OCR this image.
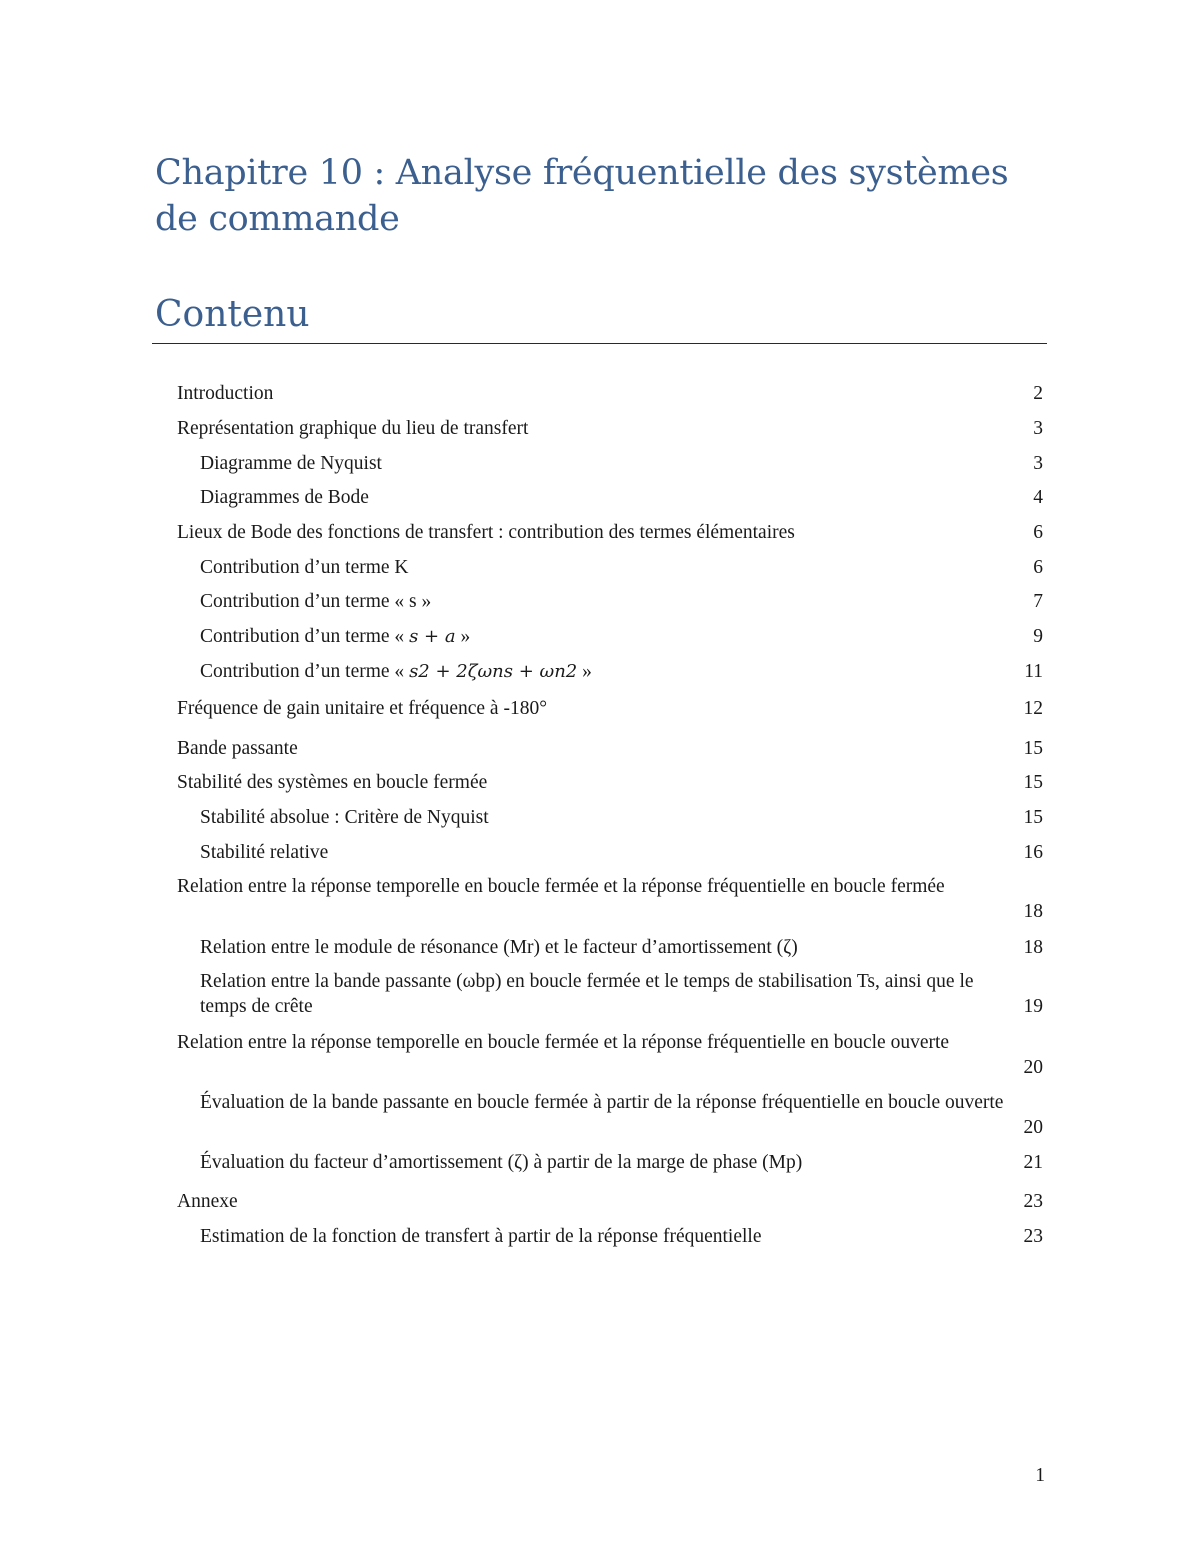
Chapitre 10 : Analyse fréquentielle des systèmes de commande
Contenu
Introduction	2
Représentation graphique du lieu de transfert	3
Diagramme de Nyquist	3
Diagrammes de Bode	4
Lieux de Bode des fonctions de transfert : contribution des termes élémentaires	6
Contribution d’un terme K	6
Contribution d’un terme « s »	7
Contribution d’un terme « s + a »	9
Contribution d’un terme « s2 + 2ζωns + ωn2 »	11
Fréquence de gain unitaire et fréquence à -180°	12
Bande passante	15
Stabilité des systèmes en boucle fermée	15
Stabilité absolue : Critère de Nyquist	15
Stabilité relative	16
Relation entre la réponse temporelle en boucle fermée et la réponse fréquentielle en boucle fermée
18
Relation entre le module de résonance (Mr) et le facteur d’amortissement (ζ)	18
Relation entre la bande passante (ωbp) en boucle fermée et le temps de stabilisation Ts, ainsi que le temps de crête	19
Relation entre la réponse temporelle en boucle fermée et la réponse fréquentielle en boucle ouverte
20
Évaluation de la bande passante en boucle fermée à partir de la réponse fréquentielle en boucle ouverte
20
Évaluation du facteur d’amortissement (ζ) à partir de la marge de phase (Mp)	21
Annexe	23
Estimation de la fonction de transfert à partir de la réponse fréquentielle	23
1
